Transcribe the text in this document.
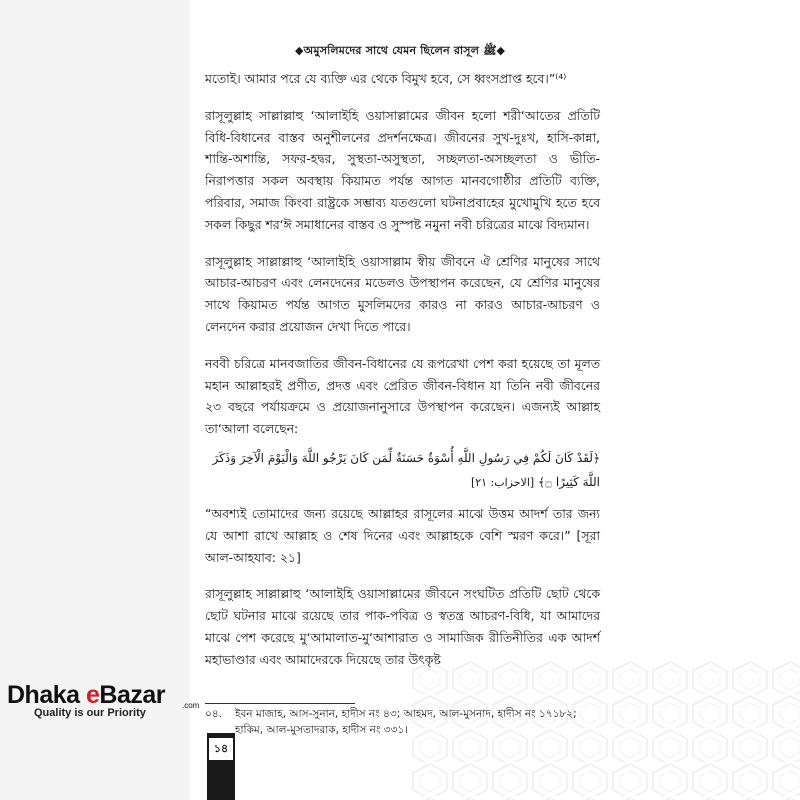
◆অমুসলিমদের সাথে যেমন ছিলেন রাসূল ﷺ◆

মতোই। আমার পরে যে ব্যক্তি এর থেকে বিমুখ হবে, সে ধ্বংসপ্রাপ্ত হবে।”⁽⁴⁾

রাসূলুল্লাহ সাল্লাল্লাহু ‘আলাইহি ওয়াসাল্লামের জীবন হলো শরী‘আতের প্রতিটি বিধি-বিধানের বাস্তব অনুশীলনের প্রদর্শনক্ষেত্র। জীবনের সুখ-দুঃখ, হাসি-কান্না, শান্তি-অশান্তি, সফর-হদ্বর, সুস্থতা-অসুস্থতা, সচ্ছলতা-অসচ্ছলতা ও ভীতি-নিরাপত্তার সকল অবস্থায় কিয়ামত পর্যন্ত আগত মানবগোষ্ঠীর প্রতিটি ব্যক্তি, পরিবার, সমাজ কিংবা রাষ্ট্রকে সম্ভাব্য যতগুলো ঘটনাপ্রবাহের মুখোমুখি হতে হবে সকল কিছুর শর‘ঈ সমাধানের বাস্তব ও সুস্পষ্ট নমুনা নবী চরিত্রের মাঝে বিদ্যমান।

রাসূলুল্লাহ সাল্লাল্লাহু ‘আলাইহি ওয়াসাল্লাম স্বীয় জীবনে ঐ শ্রেণির মানুষের সাথে আচার-আচরণ এবং লেনদেনের মডেলও উপস্থাপন করেছেন, যে শ্রেণির মানুষের সাথে কিয়ামত পর্যন্ত আগত মুসলিমদের কারও না কারও আচার-আচরণ ও লেনদেন করার প্রয়োজন দেখা দিতে পারে।

নববী চরিত্রে মানবজাতির জীবন-বিধানের যে রূপরেখা পেশ করা হয়েছে তা মূলত মহান আল্লাহরই প্রণীত, প্রদত্ত এবং প্রেরিত জীবন-বিধান যা তিনি নবী জীবনের ২৩ বছরে পর্যায়ক্রমে ও প্রয়োজনানুসারে উপস্থাপন করেছেন। এজন্যই আল্লাহ তা‘আলা বলেছেন:

﴿لَقَدْ كَانَ لَكُمْ فِي رَسُولِ اللَّهِ أُسْوَةٌ حَسَنَةٌ لِّمَن كَانَ يَرْجُو اللَّهَ وَالْيَوْمَ الْآخِرَ وَذَكَرَ اللَّهَ كَثِيرًا ۝﴾ [الاحزاب: ٢١]

“অবশ্যই তোমাদের জন্য রয়েছে আল্লাহর রাসূলের মাঝে উত্তম আদর্শ তার জন্য যে আশা রাখে আল্লাহ ও শেষ দিনের এবং আল্লাহকে বেশি স্মরণ করে।” [সূরা আল-আহযাব: ২১]

রাসূলুল্লাহ সাল্লাল্লাহু ‘আলাইহি ওয়াসাল্লামের জীবনে সংঘটিত প্রতিটি ছোট থেকে ছোট ঘটনার মাঝে রয়েছে তার পাক-পবিত্র ও স্বতন্ত্র আচরণ-বিধি, যা আমাদের মাঝে পেশ করেছে মু‘আমালাত-মু‘আশারাত ও সামাজিক রীতিনীতির এক আদর্শ মহাভাণ্ডার এবং আমাদেরকে দিয়েছে তার উৎকৃষ্ট

০৪.	ইবন মাজাহ, আস-সুনান, হাদীস নং ৪৩; আহমদ, আল-মুসনাদ, হাদীস নং ১৭১৮২; হাকিম, আল-মুসতাদরাক, হাদীস নং ৩৩১।
১৪
Dhaka eBazar	.com
Quality is our Priority
